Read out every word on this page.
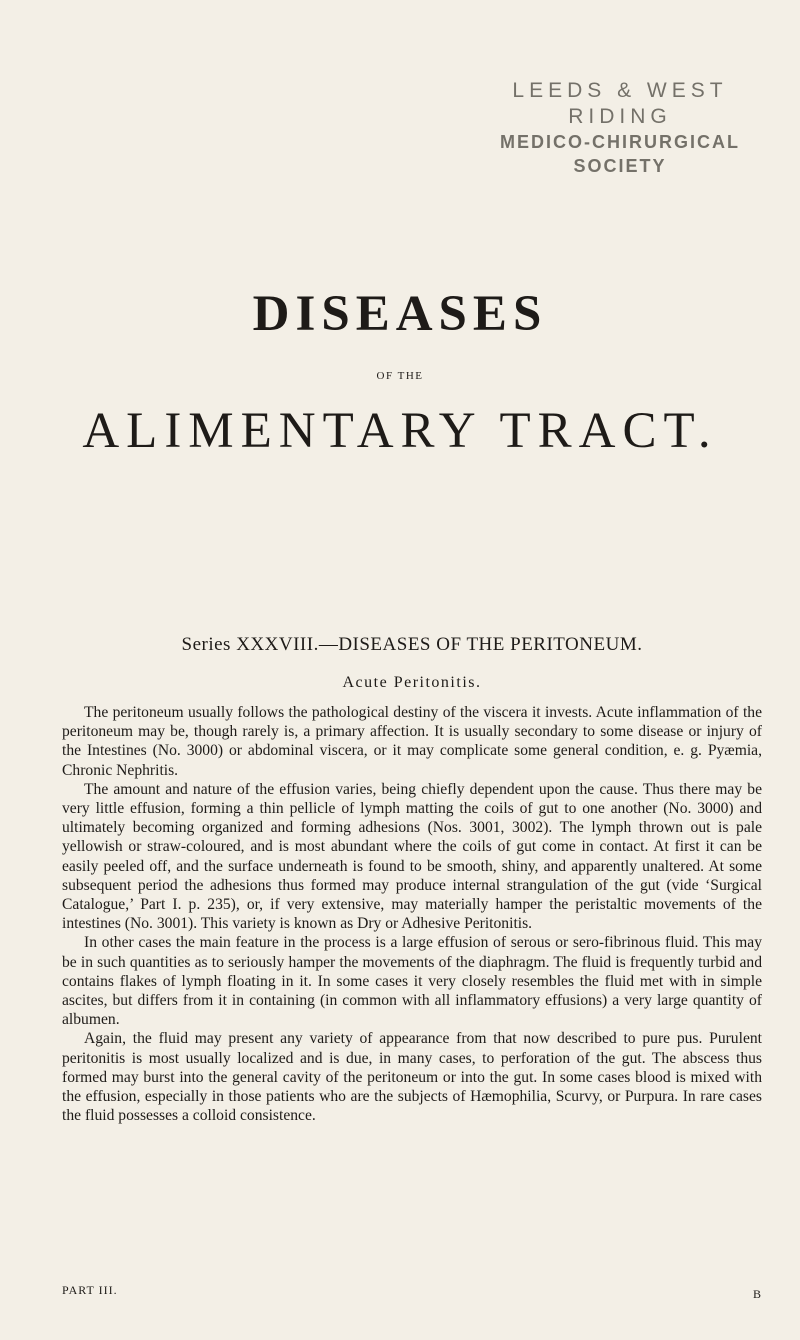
LEEDS & WEST RIDING
MEDICO-CHIRURGICAL SOCIETY
DISEASES
OF THE
ALIMENTARY TRACT.
Series XXXVIII.—DISEASES OF THE PERITONEUM.
Acute Peritonitis.

The peritoneum usually follows the pathological destiny of the viscera it invests. Acute inflammation of the peritoneum may be, though rarely is, a primary affection. It is usually secondary to some disease or injury of the Intestines (No. 3000) or abdominal viscera, or it may complicate some general condition, e. g. Pyæmia, Chronic Nephritis.

The amount and nature of the effusion varies, being chiefly dependent upon the cause. Thus there may be very little effusion, forming a thin pellicle of lymph matting the coils of gut to one another (No. 3000) and ultimately becoming organized and forming adhesions (Nos. 3001, 3002). The lymph thrown out is pale yellowish or straw-coloured, and is most abundant where the coils of gut come in contact. At first it can be easily peeled off, and the surface underneath is found to be smooth, shiny, and apparently unaltered. At some subsequent period the adhesions thus formed may produce internal strangulation of the gut (vide ‘Surgical Catalogue,’ Part I. p. 235), or, if very extensive, may materially hamper the peristaltic movements of the intestines (No. 3001). This variety is known as Dry or Adhesive Peritonitis.

In other cases the main feature in the process is a large effusion of serous or sero-fibrinous fluid. This may be in such quantities as to seriously hamper the movements of the diaphragm. The fluid is frequently turbid and contains flakes of lymph floating in it. In some cases it very closely resembles the fluid met with in simple ascites, but differs from it in containing (in common with all inflammatory effusions) a very large quantity of albumen.

Again, the fluid may present any variety of appearance from that now described to pure pus. Purulent peritonitis is most usually localized and is due, in many cases, to perforation of the gut. The abscess thus formed may burst into the general cavity of the peritoneum or into the gut. In some cases blood is mixed with the effusion, especially in those patients who are the subjects of Hæmophilia, Scurvy, or Purpura. In rare cases the fluid possesses a colloid consistence.

PART III.	B
